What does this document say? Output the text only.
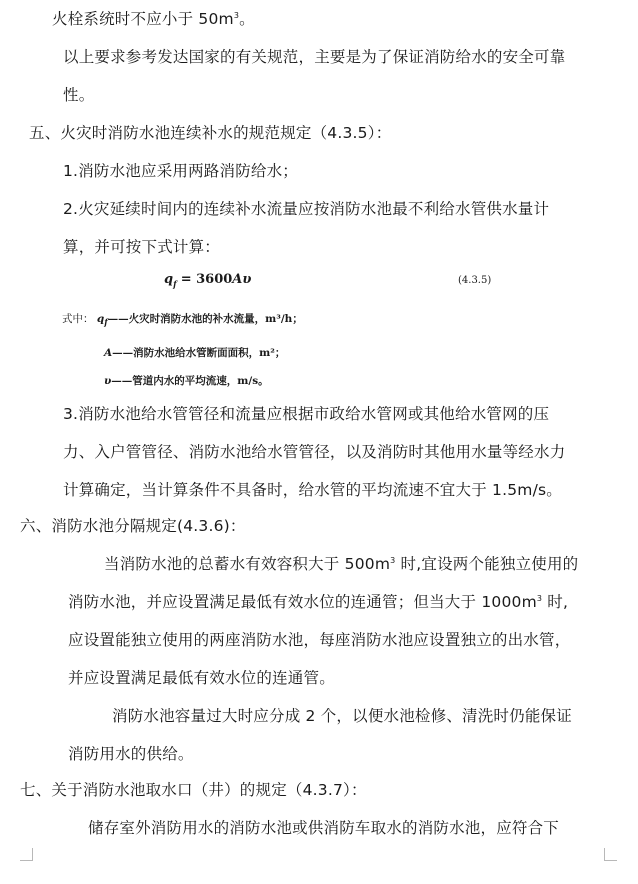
火栓系统时不应小于 $50m^3$。
以上要求参考发达国家的有关规范，主要是为了保证消防给水的安全可靠
性。
五、火灾时消防水池连续补水的规范规定（4.3.5）：
1.消防水池应采用两路消防给水；
2.火灾延续时间内的连续补水流量应按消防水池最不利给水管供水量计
算，并可按下式计算：
$q_f = 3600A\upsilon$	(4.3.5)
式中： $q_f——$火灾时消防水池的补水流量，m³/h；
A——消防水池给水管断面面积，m²；
υ——管道内水的平均流速，m/s。
3.消防水池给水管管径和流量应根据市政给水管网或其他给水管网的压
力、入户管管径、消防水池给水管管径，以及消防时其他用水量等经水力
计算确定，当计算条件不具备时，给水管的平均流速不宜大于 1.5m/s。
六、消防水池分隔规定(4.3.6)：
当消防水池的总蓄水有效容积大于 $500m^3$ 时,宜设两个能独立使用的
消防水池，并应设置满足最低有效水位的连通管；但当大于 $1000m^3$ 时,
应设置能独立使用的两座消防水池，每座消防水池应设置独立的出水管，
并应设置满足最低有效水位的连通管。
消防水池容量过大时应分成 2 个，以便水池检修、清洗时仍能保证
消防用水的供给。
七、关于消防水池取水口（井）的规定（4.3.7）：
储存室外消防用水的消防水池或供消防车取水的消防水池，应符合下
